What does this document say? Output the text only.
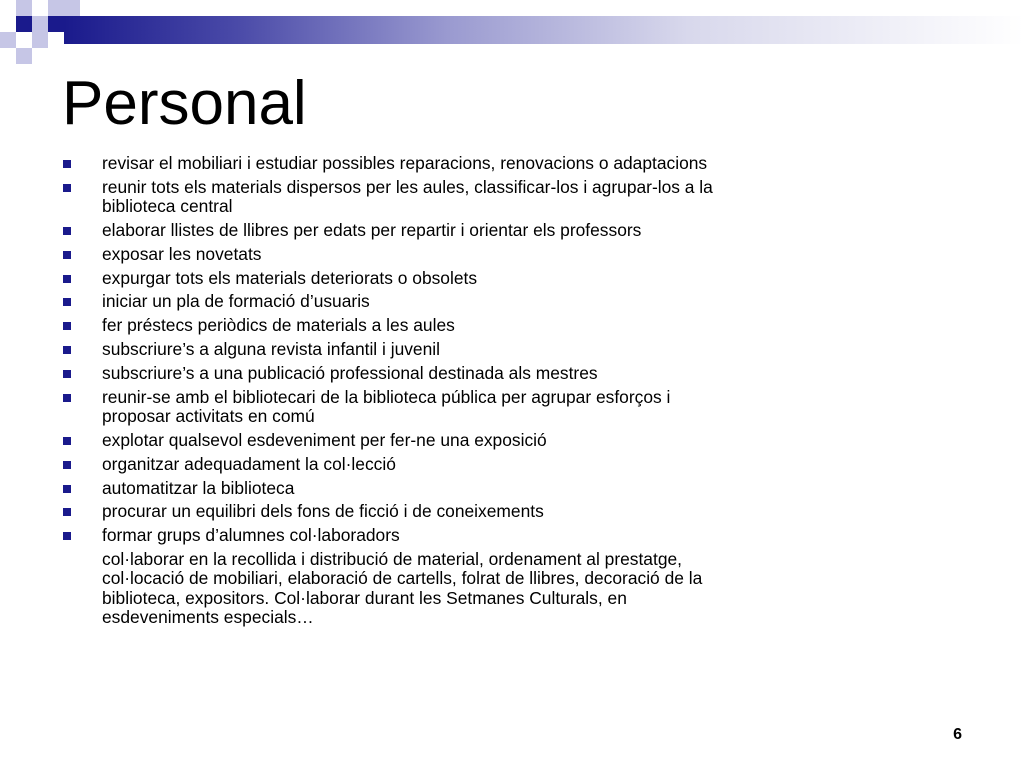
Personal
revisar el mobiliari i estudiar possibles reparacions, renovacions o adaptacions
reunir tots els materials dispersos per les aules, classificar-los i agrupar-los a la biblioteca central
elaborar llistes de llibres per edats per repartir i orientar els professors
exposar les novetats
expurgar tots els materials deteriorats o obsolets
iniciar un pla de formació d’usuaris
fer préstecs periòdics de materials a les aules
subscriure’s a alguna revista infantil i juvenil
subscriure’s a una publicació professional destinada als mestres
reunir-se amb el bibliotecari de la biblioteca pública per agrupar esforços i proposar activitats en comú
explotar qualsevol esdeveniment per fer-ne una exposició
organitzar adequadament la col·lecció
automatitzar la biblioteca
procurar un equilibri dels fons de ficció i de coneixements
formar grups d’alumnes col·laboradors
col·laborar en la recollida i distribució de material, ordenament al prestatge, col·locació de mobiliari, elaboració de cartells, folrat de llibres, decoració de la biblioteca, expositors. Col·laborar durant les Setmanes Culturals, en esdeveniments especials…
6
